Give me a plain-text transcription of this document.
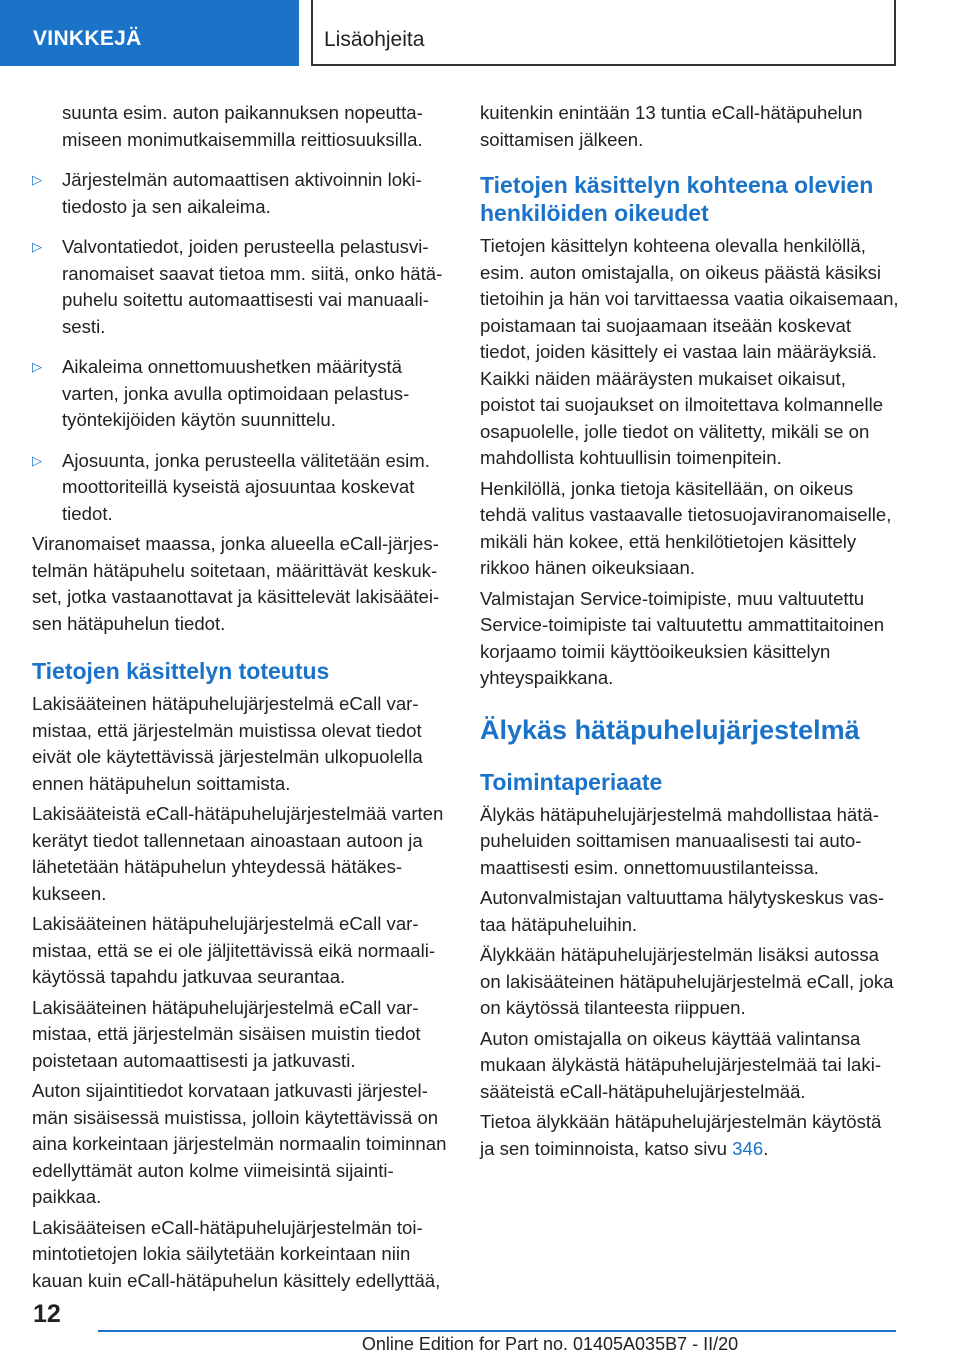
VINKKEJÄ	Lisäohjeita
suunta esim. auton paikannuksen nopeuttamiseen monimutkaisemmilla reittiosuuksilla.
▷ Järjestelmän automaattisen aktivoinnin lokitiedosto ja sen aikaleima.
▷ Valvontatiedot, joiden perusteella pelastusviranomaiset saavat tietoa mm. siitä, onko hätäpuhelu soitettu automaattisesti vai manuaalisesti.
▷ Aikaleima onnettomuushetken määritystä varten, jonka avulla optimoidaan pelastustyöntekijöiden käytön suunnittelu.
▷ Ajosuunta, jonka perusteella välitetään esim. moottoriteillä kyseistä ajosuuntaa koskevat tiedot.

Viranomaiset maassa, jonka alueella eCall-järjestelmän hätäpuhelu soitetaan, määrittävät keskukset, jotka vastaanottavat ja käsittelevät lakisääteisen hätäpuhelun tiedot.

Tietojen käsittelyn toteutus

Lakisääteinen hätäpuhelujärjestelmä eCall varmistaa, että järjestelmän muistissa olevat tiedot eivät ole käytettävissä järjestelmän ulkopuolella ennen hätäpuhelun soittamista.

Lakisääteistä eCall-hätäpuhelujärjestelmää varten kerätyt tiedot tallennetaan ainoastaan autoon ja lähetetään hätäpuhelun yhteydessä hätäkeskukseen.

Lakisääteinen hätäpuhelujärjestelmä eCall varmistaa, että se ei ole jäljitettävissä eikä normaalikäytössä tapahdu jatkuvaa seurantaa.

Lakisääteinen hätäpuhelujärjestelmä eCall varmistaa, että järjestelmän sisäisen muistin tiedot poistetaan automaattisesti ja jatkuvasti.

Auton sijaintitiedot korvataan jatkuvasti järjestelmän sisäisessä muistissa, jolloin käytettävissä on aina korkeintaan järjestelmän normaalin toiminnan edellyttämät auton kolme viimeisintä sijaintipaikkaa.

Lakisääteisen eCall-hätäpuhelujärjestelmän toimintotietojen lokia säilytetään korkeintaan niin kauan kuin eCall-hätäpuhelun käsittely edellyttää,

kuitenkin enintään 13 tuntia eCall-hätäpuhelun soittamisen jälkeen.

Tietojen käsittelyn kohteena olevien henkilöiden oikeudet

Tietojen käsittelyn kohteena olevalla henkilöllä, esim. auton omistajalla, on oikeus päästä käsiksi tietoihin ja hän voi tarvittaessa vaatia oikaisemaan, poistamaan tai suojaamaan itseään koskevat tiedot, joiden käsittely ei vastaa lain määräyksiä. Kaikki näiden määräysten mukaiset oikaisut, poistot tai suojaukset on ilmoitettava kolmannelle osapuolelle, jolle tiedot on välitetty, mikäli se on mahdollista kohtuullisin toimenpitein.

Henkilöllä, jonka tietoja käsitellään, on oikeus tehdä valitus vastaavalle tietosuojaviranomaiselle, mikäli hän kokee, että henkilötietojen käsittely rikkoo hänen oikeuksiaan.

Valmistajan Service-toimipiste, muu valtuutettu Service-toimipiste tai valtuutettu ammattitaitoinen korjaamo toimii käyttöoikeuksien käsittelyn yhteyspaikkana.

Älykäs hätäpuhelujärjestelmä
Toimintaperiaate

Älykäs hätäpuhelujärjestelmä mahdollistaa hätäpuheluiden soittamisen manuaalisesti tai automaattisesti esim. onnettomuustilanteissa.

Autonvalmistajan valtuuttama hälytyskeskus vastaa hätäpuheluihin.

Älykkään hätäpuhelujärjestelmän lisäksi autossa on lakisääteinen hätäpuhelujärjestelmä eCall, joka on käytössä tilanteesta riippuen.

Auton omistajalla on oikeus käyttää valintansa mukaan älykästä hätäpuhelujärjestelmää tai lakisääteistä eCall-hätäpuhelujärjestelmää.

Tietoa älykkään hätäpuhelujärjestelmän käytöstä ja sen toiminnoista, katso sivu 346.

12
Online Edition for Part no. 01405A035B7 - II/20
